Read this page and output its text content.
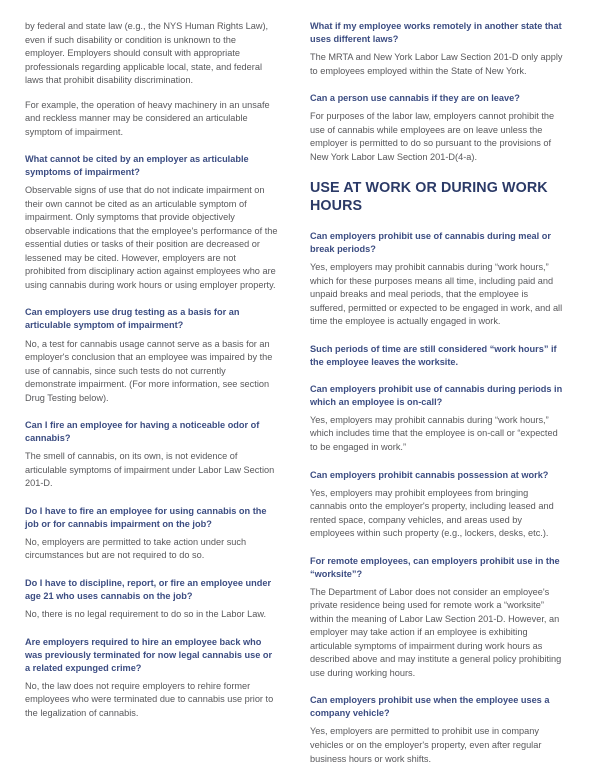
by federal and state law (e.g., the NYS Human Rights Law), even if such disability or condition is unknown to the employer. Employers should consult with appropriate professionals regarding applicable local, state, and federal laws that prohibit disability discrimination.

For example, the operation of heavy machinery in an unsafe and reckless manner may be considered an articulable symptom of impairment.

What cannot be cited by an employer as articulable symptoms of impairment?

Observable signs of use that do not indicate impairment on their own cannot be cited as an articulable symptom of impairment. Only symptoms that provide objectively observable indications that the employee's performance of the essential duties or tasks of their position are decreased or lessened may be cited. However, employers are not prohibited from disciplinary action against employees who are using cannabis during work hours or using employer property.

Can employers use drug testing as a basis for an articulable symptom of impairment?

No, a test for cannabis usage cannot serve as a basis for an employer's conclusion that an employee was impaired by the use of cannabis, since such tests do not currently demonstrate impairment. (For more information, see section Drug Testing below).

Can I fire an employee for having a noticeable odor of cannabis?

The smell of cannabis, on its own, is not evidence of articulable symptoms of impairment under Labor Law Section 201-D.

Do I have to fire an employee for using cannabis on the job or for cannabis impairment on the job?

No, employers are permitted to take action under such circumstances but are not required to do so.

Do I have to discipline, report, or fire an employee under age 21 who uses cannabis on the job?

No, there is no legal requirement to do so in the Labor Law.

Are employers required to hire an employee back who was previously terminated for now legal cannabis use or a related expunged crime?

No, the law does not require employers to rehire former employees who were terminated due to cannabis use prior to the legalization of cannabis.

What if my employee works remotely in another state that uses different laws?

The MRTA and New York Labor Law Section 201-D only apply to employees employed within the State of New York.

Can a person use cannabis if they are on leave?

For purposes of the labor law, employers cannot prohibit the use of cannabis while employees are on leave unless the employer is permitted to do so pursuant to the provisions of New York Labor Law Section 201-D(4-a).

USE AT WORK OR DURING WORK HOURS
Can employers prohibit use of cannabis during meal or break periods?

Yes, employers may prohibit cannabis during “work hours,” which for these purposes means all time, including paid and unpaid breaks and meal periods, that the employee is suffered, permitted or expected to be engaged in work, and all time the employee is actually engaged in work.

Such periods of time are still considered “work hours” if the employee leaves the worksite.
Can employers prohibit use of cannabis during periods in which an employee is on-call?

Yes, employers may prohibit cannabis during “work hours,” which includes time that the employee is on-call or “expected to be engaged in work.”

Can employers prohibit cannabis possession at work?

Yes, employers may prohibit employees from bringing cannabis onto the employer's property, including leased and rented space, company vehicles, and areas used by employees within such property (e.g., lockers, desks, etc.).

For remote employees, can employers prohibit use in the “worksite”?

The Department of Labor does not consider an employee's private residence being used for remote work a “worksite” within the meaning of Labor Law Section 201-D. However, an employer may take action if an employee is exhibiting articulable symptoms of impairment during work hours as described above and may institute a general policy prohibiting use during working hours.

Can employers prohibit use when the employee uses a company vehicle?

Yes, employers are permitted to prohibit use in company vehicles or on the employer's property, even after regular business hours or work shifts.
